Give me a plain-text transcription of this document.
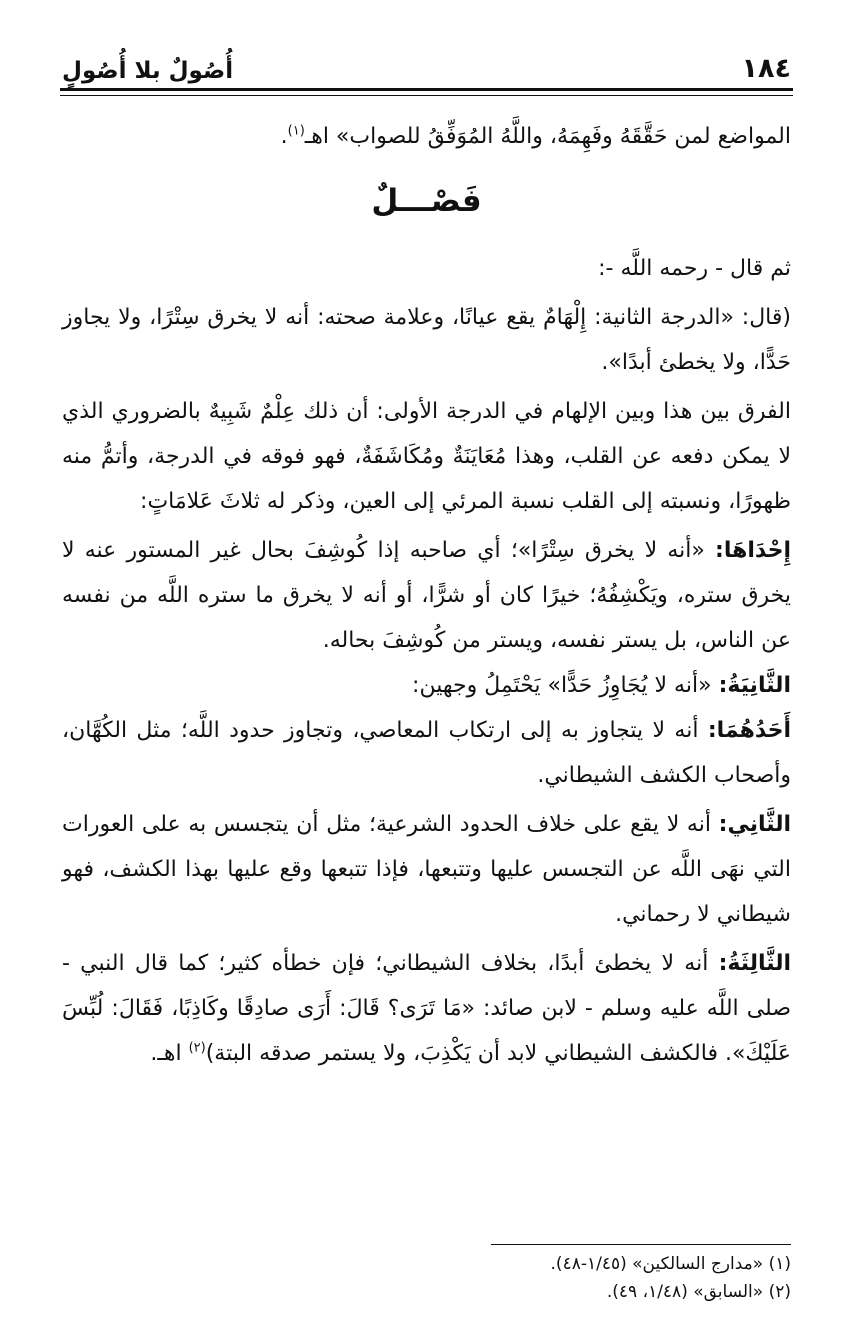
١٨٤
أُصُولٌ بلا أُصُولٍ

المواضع لمن حَقَّقَهُ وفَهِمَهُ، واللَّهُ المُوَفِّقُ للصواب» اهـ$^{(١)}$.

فَصْـــلٌ

ثم قال - رحمه اللَّه -:

(قال: «الدرجة الثانية: إِلْهَامٌ يقع عيانًا، وعلامة صحته: أنه لا يخرق سِتْرًا، ولا يجاوز حَدًّا، ولا يخطئ أبدًا».

الفرق بين هذا وبين الإلهام في الدرجة الأولى: أن ذلك عِلْمٌ شَبِيهٌ بالضروري الذي لا يمكن دفعه عن القلب، وهذا مُعَايَنَةٌ ومُكَاشَفَةٌ، فهو فوقه في الدرجة، وأتمُّ منه ظهورًا، ونسبته إلى القلب نسبة المرئي إلى العين، وذكر له ثلاثَ عَلامَاتٍ:

إِحْدَاهَا: «أنه لا يخرق سِتْرًا»؛ أي صاحبه إذا كُوشِفَ بحال غير المستور عنه لا يخرق ستره، ويَكْشِفُهُ؛ خيرًا كان أو شرًّا، أو أنه لا يخرق ما ستره اللَّه من نفسه عن الناس، بل يستر نفسه، ويستر من كُوشِفَ بحاله.

الثَّانِيَةُ: «أنه لا يُجَاوِزُ حَدًّا» يَحْتَمِلُ وجهين:

أَحَدُهُمَا: أنه لا يتجاوز به إلى ارتكاب المعاصي، وتجاوز حدود اللَّه؛ مثل الكُهَّان، وأصحاب الكشف الشيطاني.

الثَّانِي: أنه لا يقع على خلاف الحدود الشرعية؛ مثل أن يتجسس به على العورات التي نهَى اللَّه عن التجسس عليها وتتبعها، فإذا تتبعها وقع عليها بهذا الكشف، فهو شيطاني لا رحماني.

الثَّالِثَةُ: أنه لا يخطئ أبدًا، بخلاف الشيطاني؛ فإن خطأه كثير؛ كما قال النبي - صلى اللَّه عليه وسلم - لابن صائد: «مَا تَرَى؟ قَالَ: أَرَى صادِقًا وكَاذِبًا، فَقَالَ: لُبِّسَ عَلَيْكَ». فالكشف الشيطاني لابد أن يَكْذِبَ، ولا يستمر صدقه البتة)$^{(٢)}$ اهـ.

(١) «مدارج السالكين» (١/٤٥-٤٨).

(٢) «السابق» (١/٤٨، ٤٩).
